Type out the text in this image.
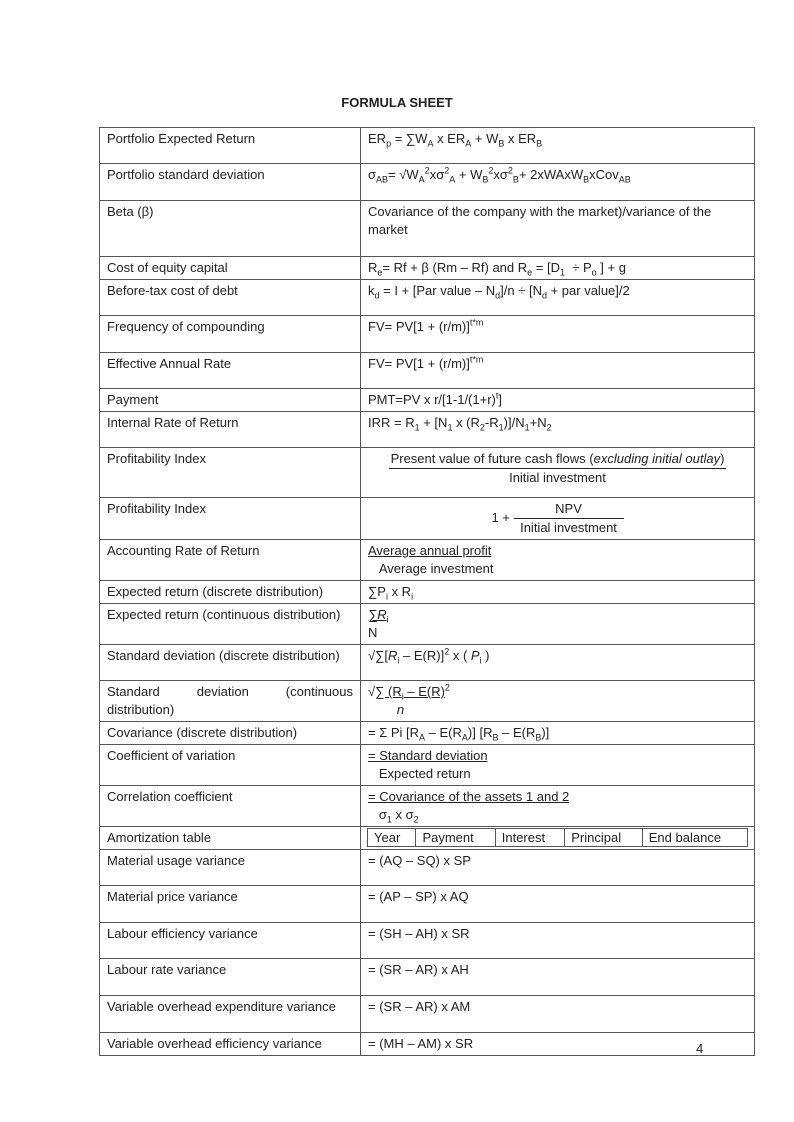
FORMULA SHEET
Portfolio Expected Return	$ER_p = \sum W_A$ x $ER_A + W_B$ x $ER_B$

Portfolio standard deviation	$\sigma_{AB}= √W_A^2x\sigma^2_A + W_B^2x\sigma^2_B+$ 2xWAxW$_B$xCov$_{AB}$

Beta (β)	Covariance of the company with the market)/variance of the market

Cost of equity capital	$R_e= Rf + \beta$ (Rm – Rf) and $R_e = [D_1 \div P_o$ ] + g

Before-tax cost of debt	$k_d = I + [Par$ value – $N_d]/n \div [N_d$ + par value]/2

Frequency of compounding	$FV= PV[1 + (r/m)]^{t*m}$

Effective Annual Rate	$FV= PV[1 + (r/m)]^{t*m}$

Payment	PMT=PV x $r/[1-1/(1+r)^t]$

Internal Rate of Return	IRR = $R_1 + [N_1$ x $(R_2-R_1)]/N_1+N_2$

Profitability Index	Present value of future cash flows (excluding initial outlay)
Initial investment

Profitability Index	$1 + \frac{\text{NPV}}{\text{Initial investment}}$

Accounting Rate of Return	Average annual profit
Average investment

Expected return (discrete distribution)	$\sum P_i$ x $R_i$

Expected return (continuous distribution)	$\sum R_i$
N

Standard deviation (discrete distribution)	$√\sum[R_i - E(R)]^2$ x ( $P_i$ )

Standard deviation (continuous distribution)	
√∑ ($R_i - E(R)^2$
n

Covariance (discrete distribution)	= Σ Pi $[R_A - E(R_A)]$ $[R_B - E(R_B)]$

Coefficient of variation	= Standard deviation
Expected return

Correlation coefficient	= Covariance of the assets 1 and 2
$\sigma_1$ x $\sigma_2$

Amortization table		Year	Payment	Interest	Principal	End balance

Material usage variance	= (AQ – SQ) x SP

Material price variance	= (AP – SP) x AQ

Labour efficiency variance	= (SH – AH) x SR

Labour rate variance	= (SR – AR) x AH

Variable overhead expenditure variance	= (SR – AR) x AM

Variable overhead efficiency variance	= (MH – AM) x SR	4
